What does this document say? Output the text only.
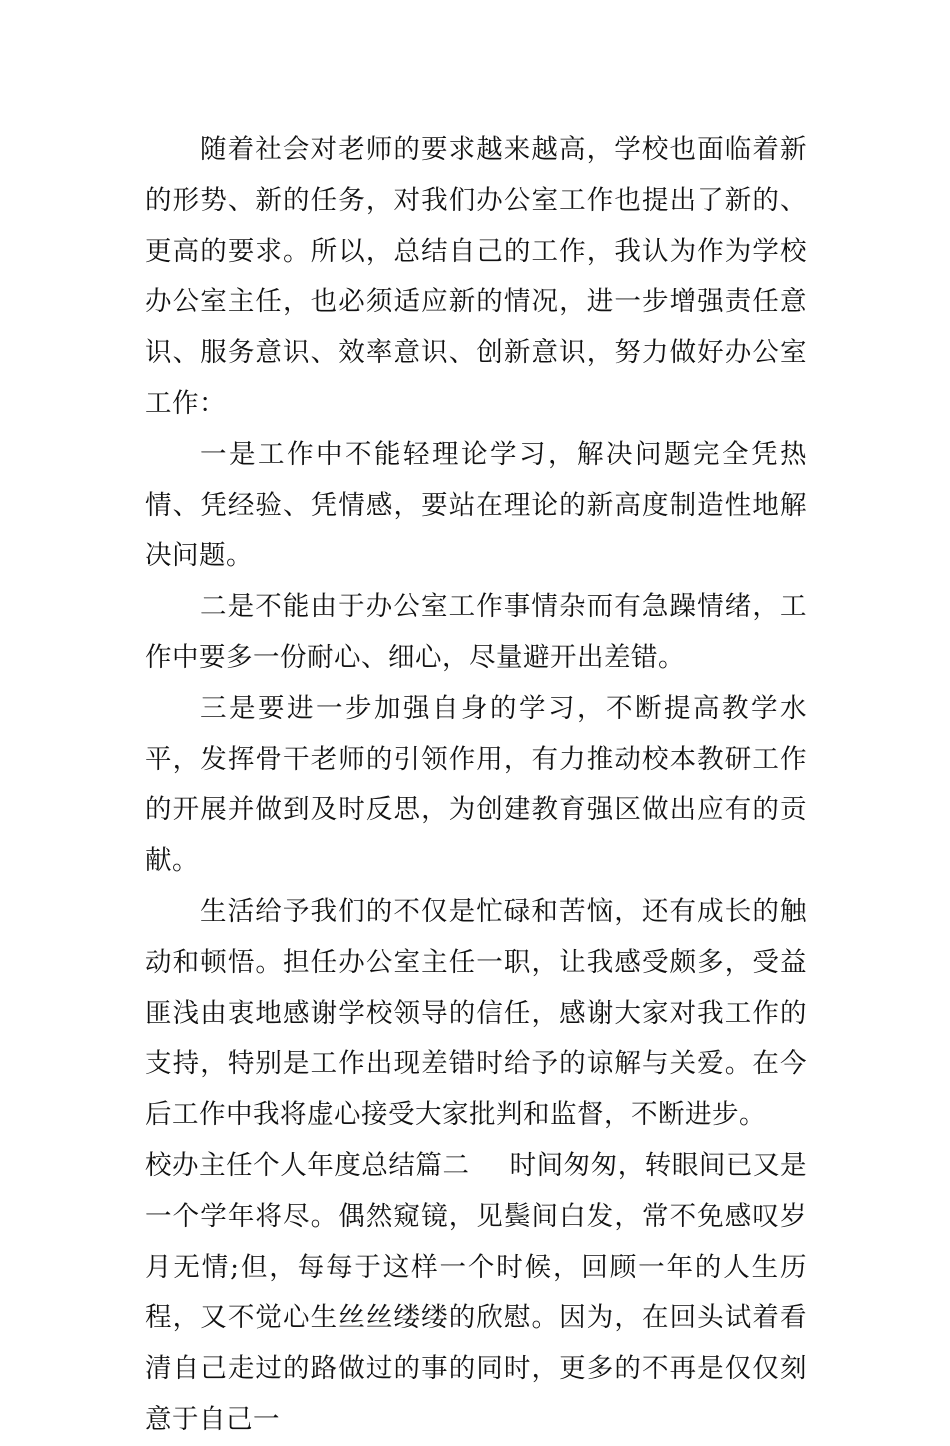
随着社会对老师的要求越来越高，学校也面临着新的形势、新的任务，对我们办公室工作也提出了新的、更高的要求。所以，总结自己的工作，我认为作为学校办公室主任，也必须适应新的情况，进一步增强责任意识、服务意识、效率意识、创新意识，努力做好办公室工作：

一是工作中不能轻理论学习，解决问题完全凭热情、凭经验、凭情感，要站在理论的新高度制造性地解决问题。

二是不能由于办公室工作事情杂而有急躁情绪，工作中要多一份耐心、细心，尽量避开出差错。

三是要进一步加强自身的学习，不断提高教学水平，发挥骨干老师的引领作用，有力推动校本教研工作的开展并做到及时反思，为创建教育强区做出应有的贡献。

生活给予我们的不仅是忙碌和苦恼，还有成长的触动和顿悟。担任办公室主任一职，让我感受颇多，受益匪浅由衷地感谢学校领导的信任，感谢大家对我工作的支持，特别是工作出现差错时给予的谅解与关爱。在今后工作中我将虚心接受大家批判和监督，不断进步。

校办主任个人年度总结篇二 时间匆匆，转眼间已又是一个学年将尽。偶然窥镜，见鬓间白发，常不免感叹岁月无情;但，每每于这样一个时候，回顾一年的人生历程，又不觉心生丝丝缕缕的欣慰。因为，在回头试着看清自己走过的路做过的事的同时，更多的不再是仅仅刻意于自己一
